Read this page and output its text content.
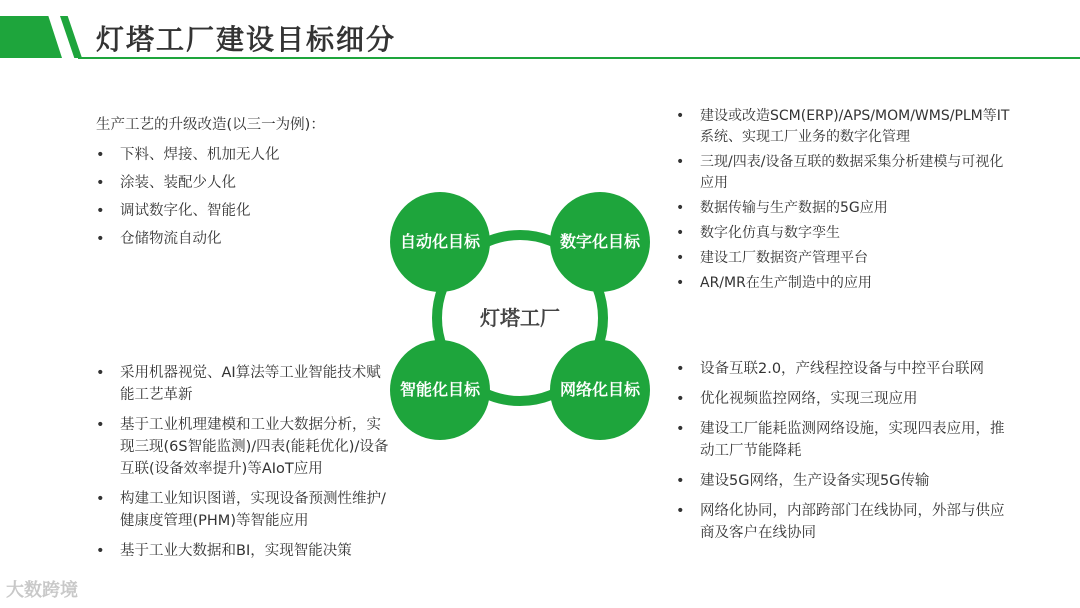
灯塔工厂建设目标细分
生产工艺的升级改造(以三一为例)：
• 下料、焊接、机加无人化
• 涂装、装配少人化
• 调试数字化、智能化
• 仓储物流自动化
• 建设或改造SCM(ERP)/APS/MOM/WMS/PLM等IT系统、实现工厂业务的数字化管理
• 三现/四表/设备互联的数据采集分析建模与可视化应用
• 数据传输与生产数据的5G应用
• 数字化仿真与数字孪生
• 建设工厂数据资产管理平台
• AR/MR在生产制造中的应用
灯塔工厂
自动化目标	数字化目标
智能化目标	网络化目标
• 采用机器视觉、AI算法等工业智能技术赋能工艺革新
• 基于工业机理建模和工业大数据分析，实现三现(6S智能监测)/四表(能耗优化)/设备互联(设备效率提升)等AIoT应用
• 构建工业知识图谱，实现设备预测性维护/健康度管理(PHM)等智能应用
• 基于工业大数据和BI，实现智能决策
• 设备互联2.0，产线程控设备与中控平台联网
• 优化视频监控网络，实现三现应用
• 建设工厂能耗监测网络设施，实现四表应用，推动工厂节能降耗
• 建设5G网络，生产设备实现5G传输
• 网络化协同，内部跨部门在线协同，外部与供应商及客户在线协同
大数跨境
